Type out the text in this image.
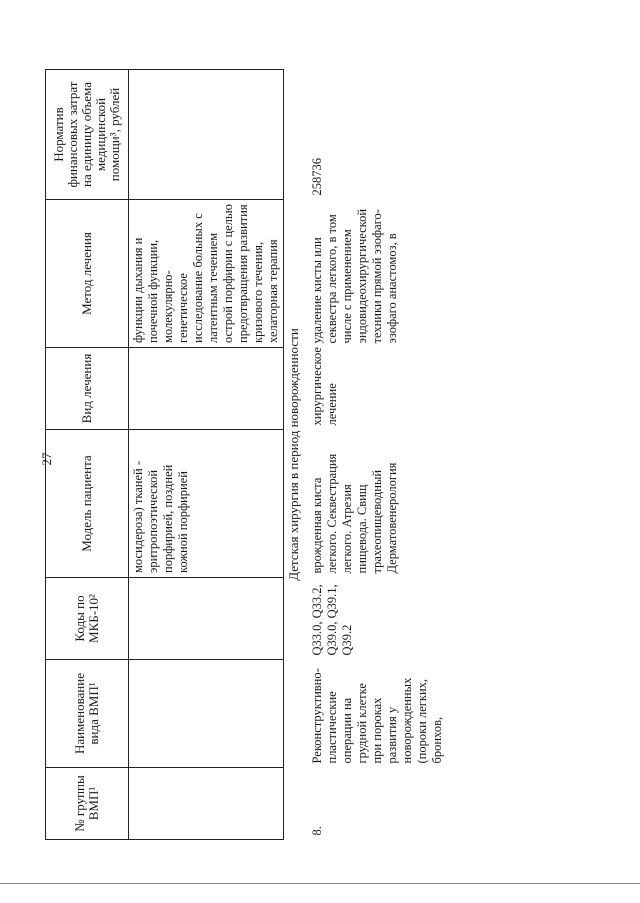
27
№ группы ВМП¹	Наименование вида ВМП¹	Коды по МКБ-10²	Модель пациента	Вид лечения	Метод лечения	Норматив финансовых затрат на единицу объема медицинской помощи³, рублей
			мосидероза) тканей - эритропоэтической порфирией, поздней кожной порфирией		функции дыхания и почечной функции, молекулярно-генетическое исследование больных с латентным течением острой порфирии с целью предотвращения развития кризового течения, хелаторная терапия	
Детская хирургия в период новорожденности						
8.	Реконструктивно-пластические операции на грудной клетке при пороках развития у новорожденных (пороки легких, бронхов,	Q33.0, Q33.2, Q39.0, Q39.1, Q39.2	врожденная киста легкого. Секвестрация легкого. Атрезия пищевода. Свищ трахеопищеводный Дерматовенерология	хирургическое лечение	удаление кисты или секвестра легкого, в том числе с применением эндовидеохирургической техники прямой эзофаго-эзофаго анастомоз, в	258736
